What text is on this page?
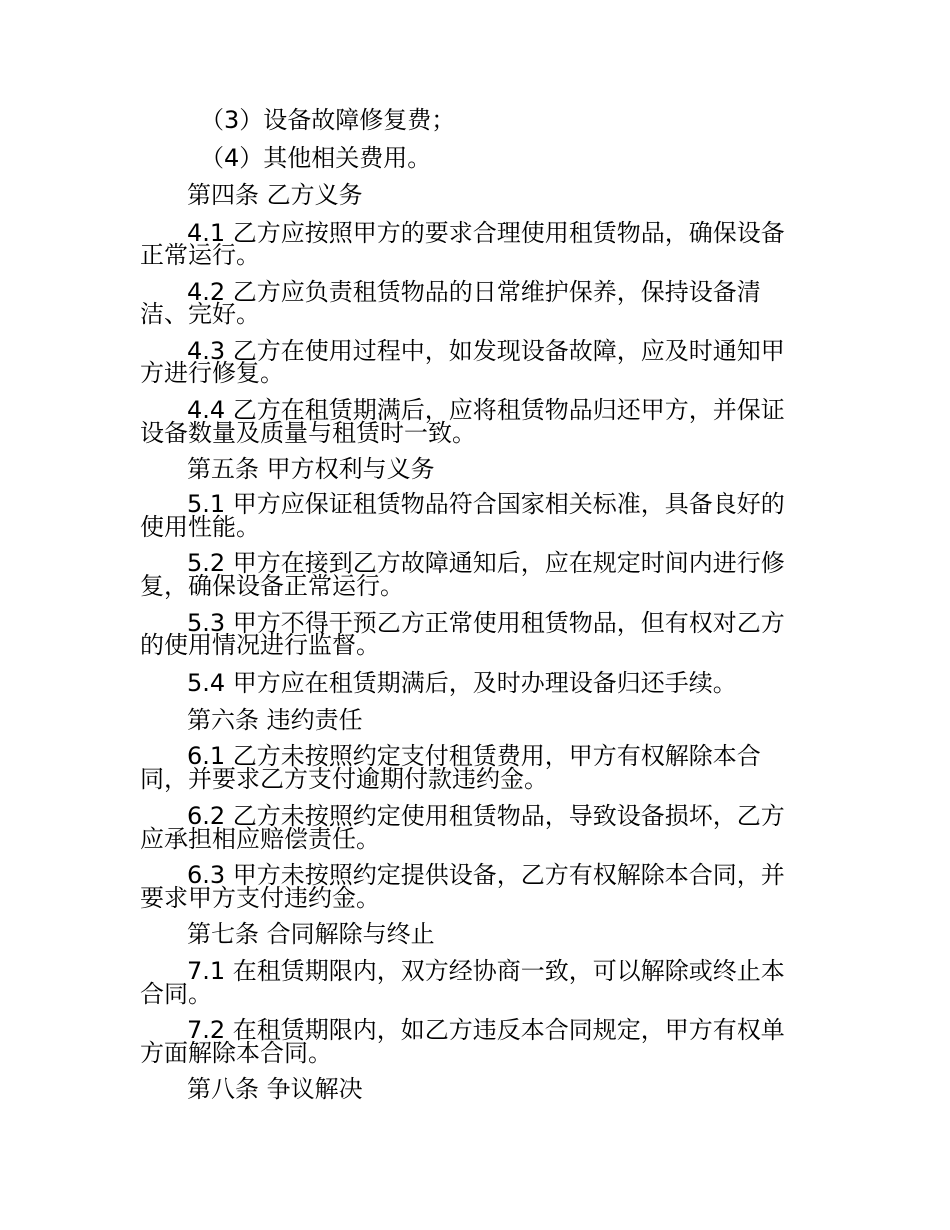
（3）设备故障修复费；

（4）其他相关费用。

第四条 乙方义务

4.1 乙方应按照甲方的要求合理使用租赁物品，确保设备

正常运行。

4.2 乙方应负责租赁物品的日常维护保养，保持设备清

洁、完好。

4.3 乙方在使用过程中，如发现设备故障，应及时通知甲

方进行修复。

4.4 乙方在租赁期满后，应将租赁物品归还甲方，并保证

设备数量及质量与租赁时一致。

第五条 甲方权利与义务

5.1 甲方应保证租赁物品符合国家相关标准，具备良好的

使用性能。

5.2 甲方在接到乙方故障通知后，应在规定时间内进行修

复，确保设备正常运行。

5.3 甲方不得干预乙方正常使用租赁物品，但有权对乙方

的使用情况进行监督。

5.4 甲方应在租赁期满后，及时办理设备归还手续。

第六条 违约责任

6.1 乙方未按照约定支付租赁费用，甲方有权解除本合

同，并要求乙方支付逾期付款违约金。

6.2 乙方未按照约定使用租赁物品，导致设备损坏，乙方

应承担相应赔偿责任。

6.3 甲方未按照约定提供设备，乙方有权解除本合同，并

要求甲方支付违约金。

第七条 合同解除与终止

7.1 在租赁期限内，双方经协商一致，可以解除或终止本

合同。

7.2 在租赁期限内，如乙方违反本合同规定，甲方有权单

方面解除本合同。

第八条 争议解决
